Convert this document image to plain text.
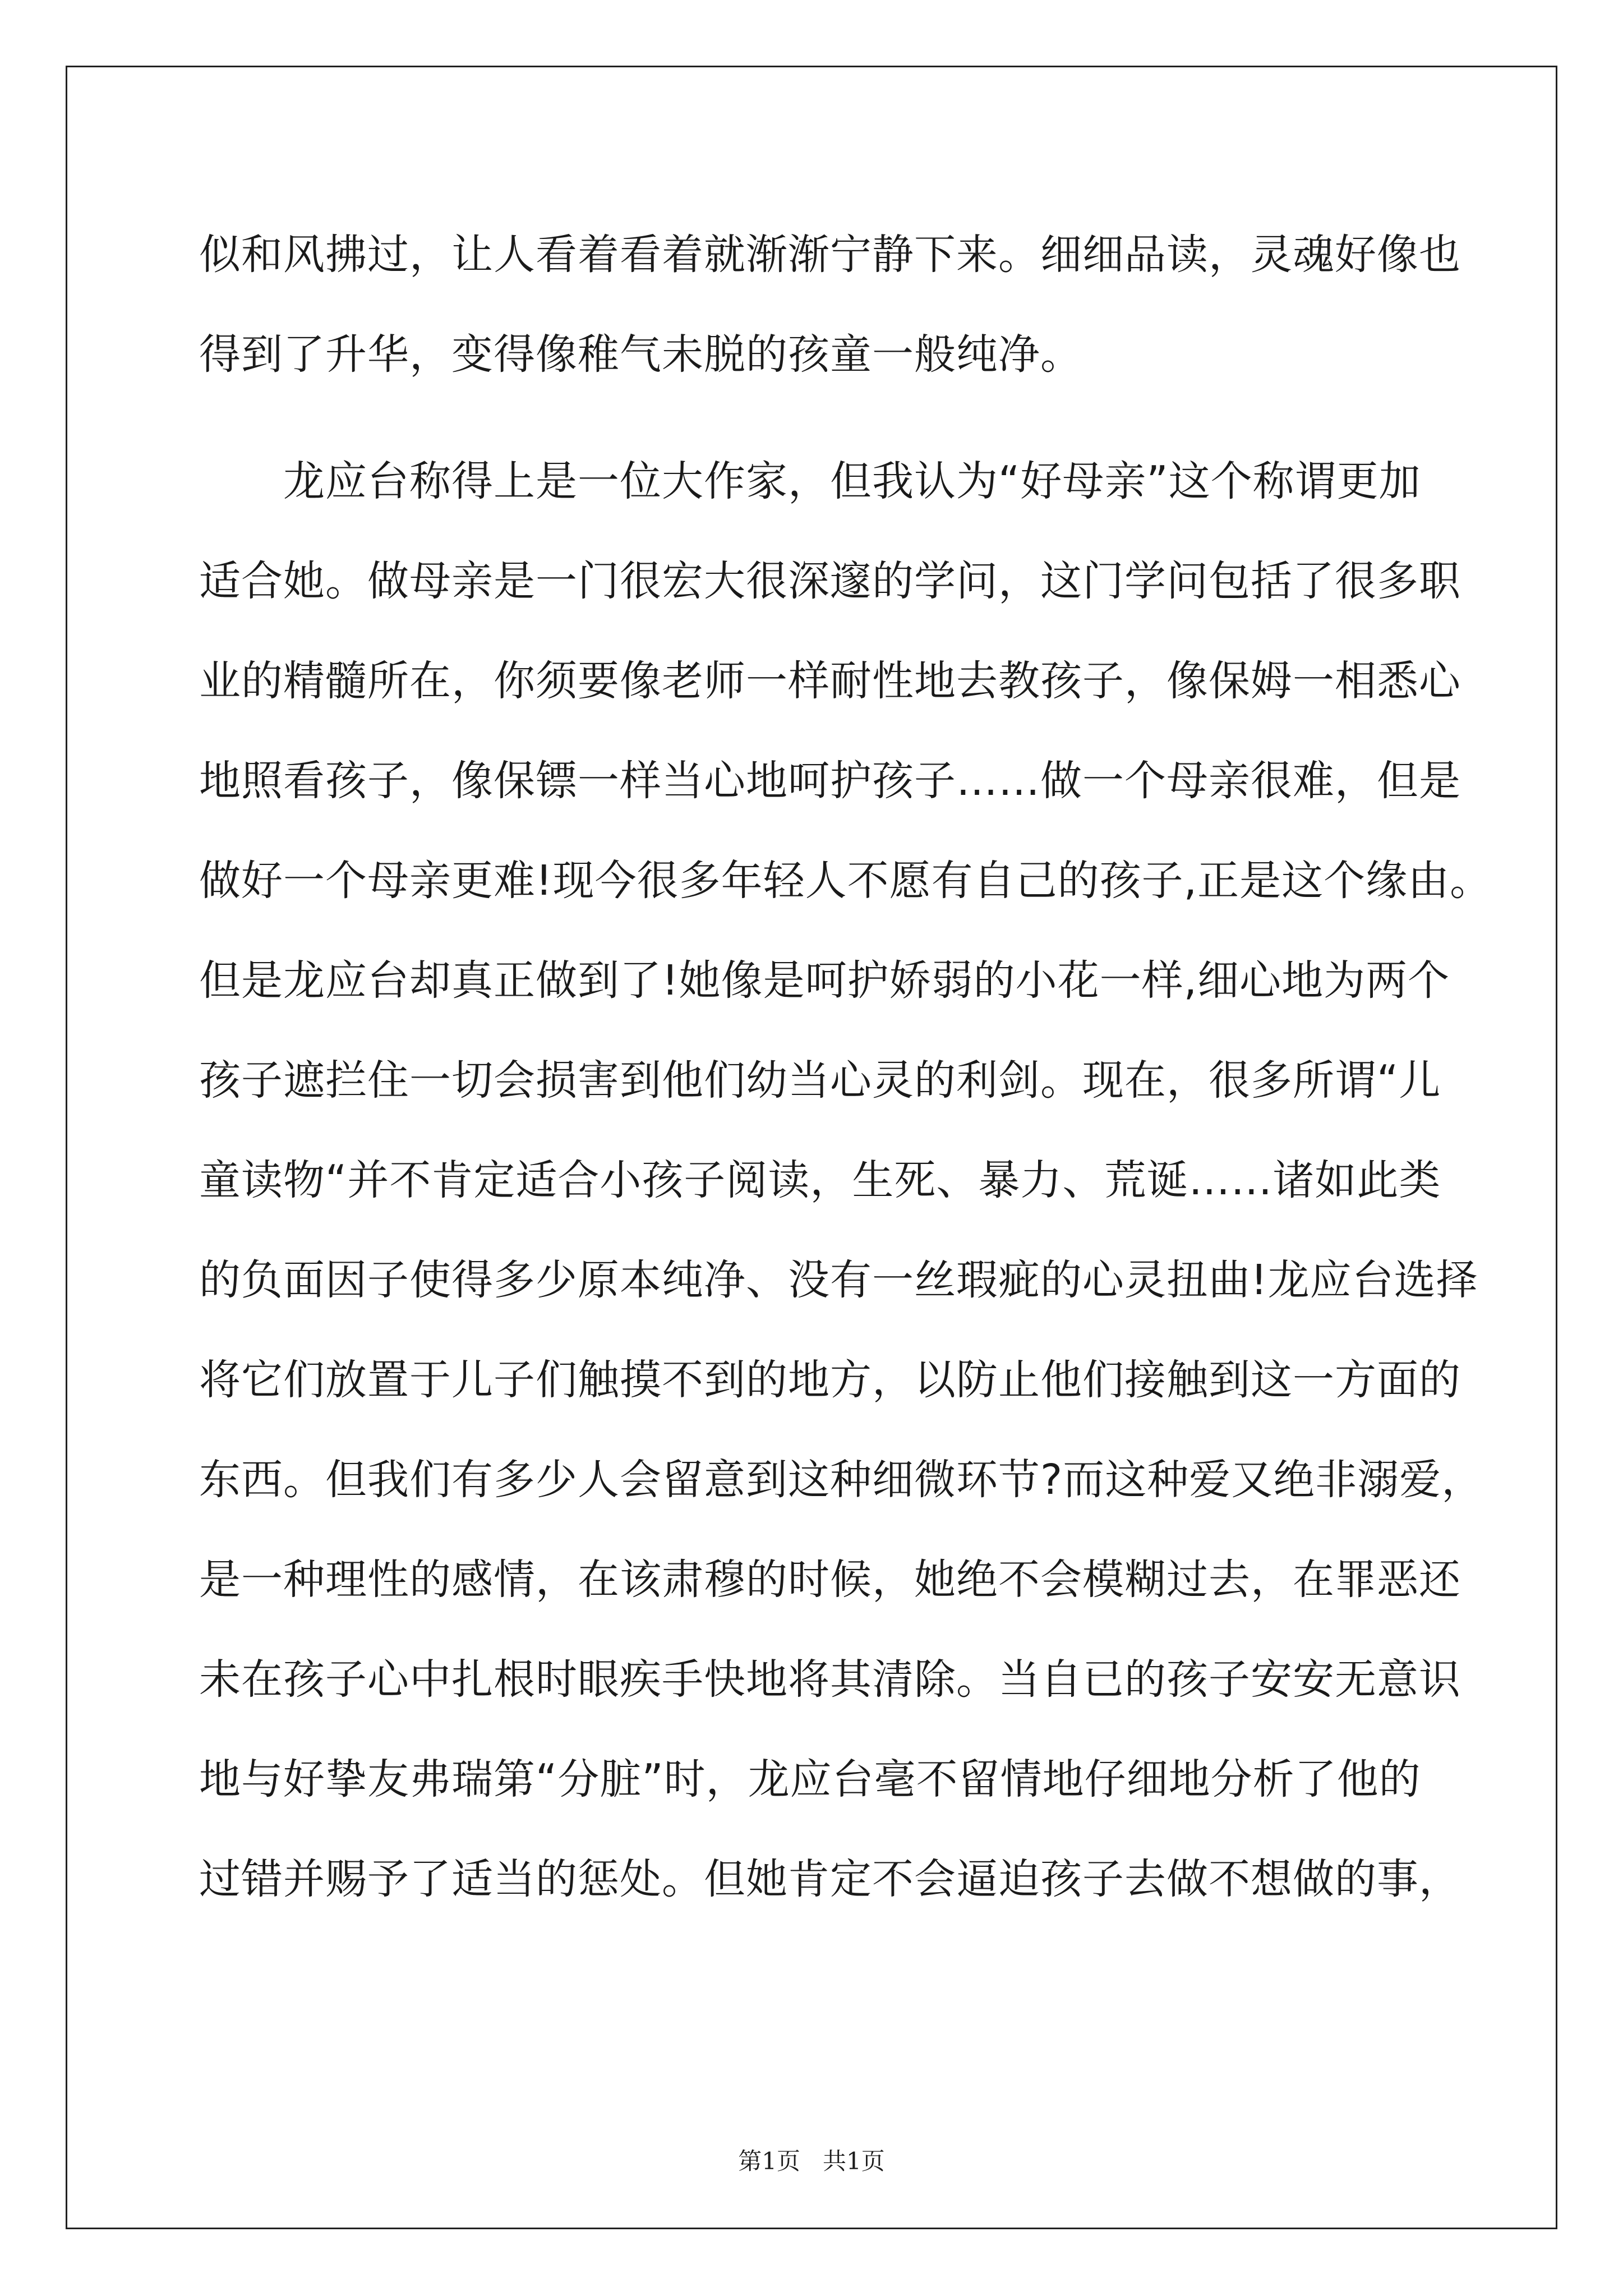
似和风拂过，让人看着看着就渐渐宁静下来。细细品读，灵魂好像也
得到了升华，变得像稚气未脱的孩童一般纯净。
龙应台称得上是一位大作家，但我认为“好母亲”这个称谓更加
适合她。做母亲是一门很宏大很深邃的学问，这门学问包括了很多职
业的精髓所在，你须要像老师一样耐性地去教孩子，像保姆一相悉心
地照看孩子，像保镖一样当心地呵护孩子……做一个母亲很难，但是
做好一个母亲更难!现今很多年轻人不愿有自己的孩子,正是这个缘由。
但是龙应台却真正做到了!她像是呵护娇弱的小花一样,细心地为两个
孩子遮拦住一切会损害到他们幼当心灵的利剑。现在，很多所谓“儿
童读物“并不肯定适合小孩子阅读，生死、暴力、荒诞……诸如此类
的负面因子使得多少原本纯净、没有一丝瑕疵的心灵扭曲!龙应台选择
将它们放置于儿子们触摸不到的地方，以防止他们接触到这一方面的
东西。但我们有多少人会留意到这种细微环节?而这种爱又绝非溺爱，
是一种理性的感情，在该肃穆的时候，她绝不会模糊过去，在罪恶还
未在孩子心中扎根时眼疾手快地将其清除。当自已的孩子安安无意识
地与好挚友弗瑞第“分脏”时，龙应台毫不留情地仔细地分析了他的
过错并赐予了适当的惩处。但她肯定不会逼迫孩子去做不想做的事，
第1页 共1页
